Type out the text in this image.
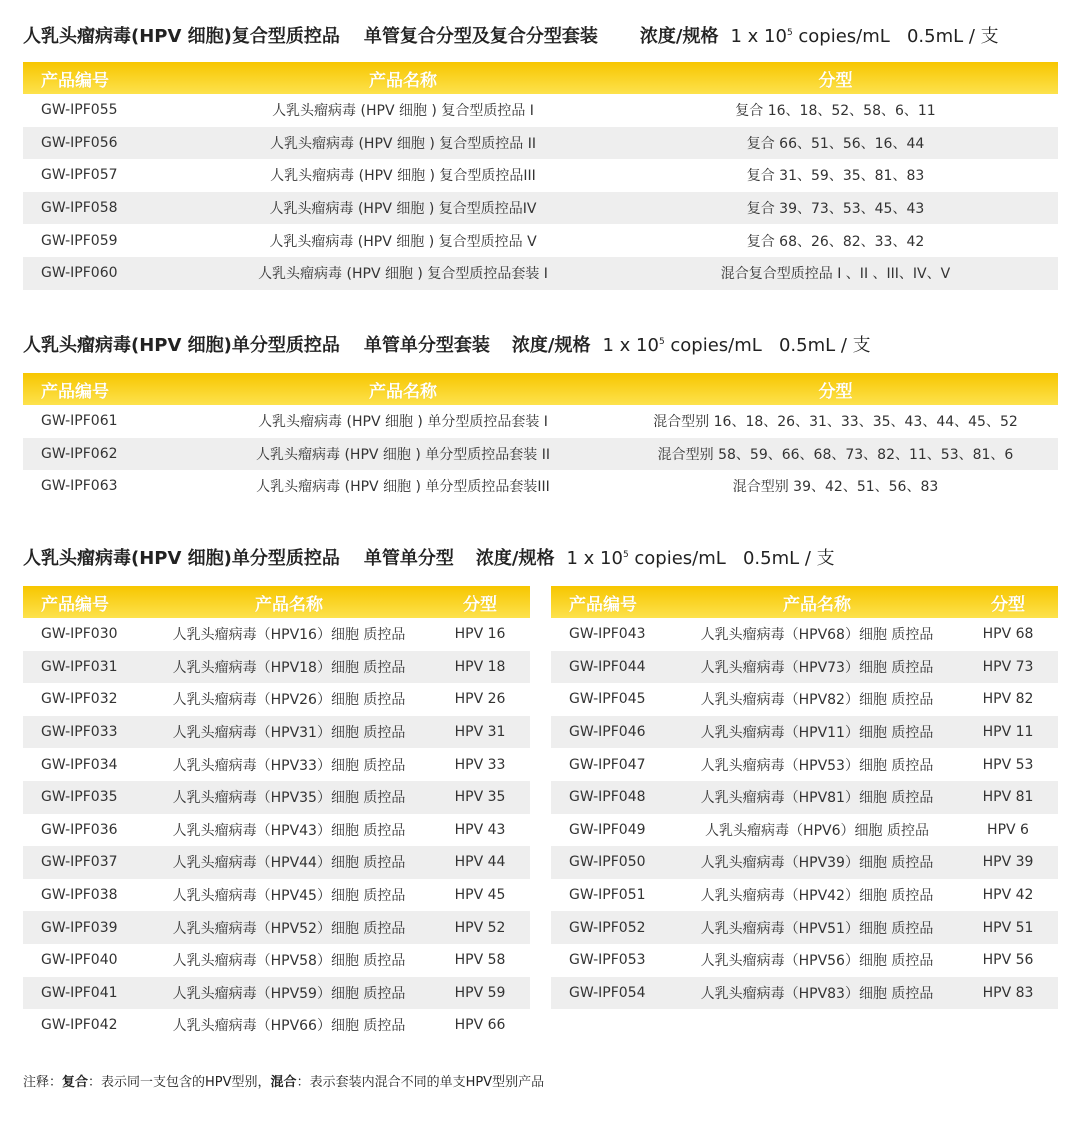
人乳头瘤病毒(HPV 细胞)复合型质控品 单管复合分型及复合分型套装 浓度/规格 1 x $10^5$ copies/mL   0.5mL / 支
产品编号	产品名称	分型
GW-IPF055	人乳头瘤病毒 (HPV 细胞 ) 复合型质控品 I	复合 16、18、52、58、6、11
GW-IPF056	人乳头瘤病毒 (HPV 细胞 ) 复合型质控品 II	复合 66、51、56、16、44
GW-IPF057	人乳头瘤病毒 (HPV 细胞 ) 复合型质控品III	复合 31、59、35、81、83
GW-IPF058	人乳头瘤病毒 (HPV 细胞 ) 复合型质控品IV	复合 39、73、53、45、43
GW-IPF059	人乳头瘤病毒 (HPV 细胞 ) 复合型质控品 V	复合 68、26、82、33、42
GW-IPF060	人乳头瘤病毒 (HPV 细胞 ) 复合型质控品套装 I	混合复合型质控品 I 、II 、III、IV、V
人乳头瘤病毒(HPV 细胞)单分型质控品 单管单分型套装 浓度/规格 1 x $10^5$ copies/mL   0.5mL / 支
产品编号	产品名称	分型
GW-IPF061	人乳头瘤病毒 (HPV 细胞 ) 单分型质控品套装 I	混合型别 16、18、26、31、33、35、43、44、45、52
GW-IPF062	人乳头瘤病毒 (HPV 细胞 ) 单分型质控品套装 II	混合型别 58、59、66、68、73、82、11、53、81、6
GW-IPF063	人乳头瘤病毒 (HPV 细胞 ) 单分型质控品套装III	混合型别 39、42、51、56、83
人乳头瘤病毒(HPV 细胞)单分型质控品 单管单分型 浓度/规格 1 x $10^5$ copies/mL   0.5mL / 支
产品编号	产品名称	分型
GW-IPF030	人乳头瘤病毒（HPV16）细胞 质控品	HPV 16
GW-IPF031	人乳头瘤病毒（HPV18）细胞 质控品	HPV 18
GW-IPF032	人乳头瘤病毒（HPV26）细胞 质控品	HPV 26
GW-IPF033	人乳头瘤病毒（HPV31）细胞 质控品	HPV 31
GW-IPF034	人乳头瘤病毒（HPV33）细胞 质控品	HPV 33
GW-IPF035	人乳头瘤病毒（HPV35）细胞 质控品	HPV 35
GW-IPF036	人乳头瘤病毒（HPV43）细胞 质控品	HPV 43
GW-IPF037	人乳头瘤病毒（HPV44）细胞 质控品	HPV 44
GW-IPF038	人乳头瘤病毒（HPV45）细胞 质控品	HPV 45
GW-IPF039	人乳头瘤病毒（HPV52）细胞 质控品	HPV 52
GW-IPF040	人乳头瘤病毒（HPV58）细胞 质控品	HPV 58
GW-IPF041	人乳头瘤病毒（HPV59）细胞 质控品	HPV 59
GW-IPF042	人乳头瘤病毒（HPV66）细胞 质控品	HPV 66
产品编号	产品名称	分型
GW-IPF043	人乳头瘤病毒（HPV68）细胞 质控品	HPV 68
GW-IPF044	人乳头瘤病毒（HPV73）细胞 质控品	HPV 73
GW-IPF045	人乳头瘤病毒（HPV82）细胞 质控品	HPV 82
GW-IPF046	人乳头瘤病毒（HPV11）细胞 质控品	HPV 11
GW-IPF047	人乳头瘤病毒（HPV53）细胞 质控品	HPV 53
GW-IPF048	人乳头瘤病毒（HPV81）细胞 质控品	HPV 81
GW-IPF049	人乳头瘤病毒（HPV6）细胞 质控品	HPV 6
GW-IPF050	人乳头瘤病毒（HPV39）细胞 质控品	HPV 39
GW-IPF051	人乳头瘤病毒（HPV42）细胞 质控品	HPV 42
GW-IPF052	人乳头瘤病毒（HPV51）细胞 质控品	HPV 51
GW-IPF053	人乳头瘤病毒（HPV56）细胞 质控品	HPV 56
GW-IPF054	人乳头瘤病毒（HPV83）细胞 质控品	HPV 83

注释：复合：表示同一支包含的HPV型别，混合：表示套装内混合不同的单支HPV型别产品
